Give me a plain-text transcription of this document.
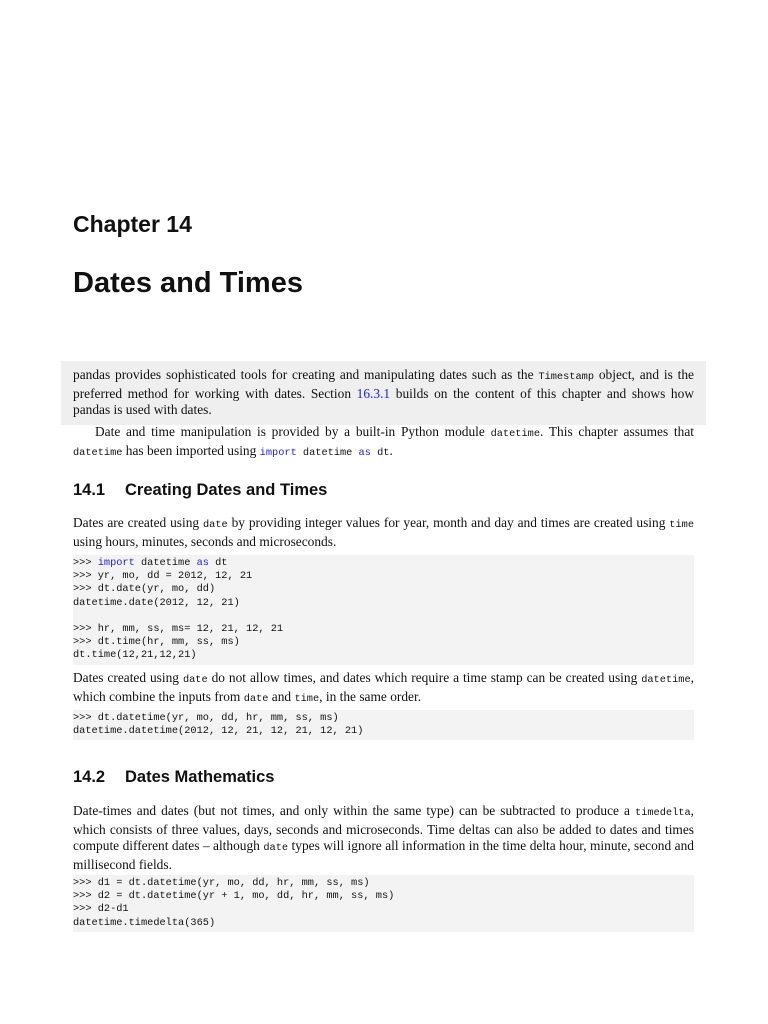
Chapter 14
Dates and Times
pandas provides sophisticated tools for creating and manipulating dates such as the Timestamp object, and is the preferred method for working with dates. Section 16.3.1 builds on the content of this chapter and shows how pandas is used with dates.

Date and time manipulation is provided by a built-in Python module datetime. This chapter assumes that datetime has been imported using import datetime as dt.

14.1 Creating Dates and Times

Dates are created using date by providing integer values for year, month and day and times are created using time using hours, minutes, seconds and microseconds.

>>> import datetime as dt
>>> yr, mo, dd = 2012, 12, 21
>>> dt.date(yr, mo, dd)
datetime.date(2012, 12, 21)
>>> hr, mm, ss, ms= 12, 21, 12, 21
>>> dt.time(hr, mm, ss, ms)
dt.time(12,21,12,21)

Dates created using date do not allow times, and dates which require a time stamp can be created using datetime, which combine the inputs from date and time, in the same order.

>>> dt.datetime(yr, mo, dd, hr, mm, ss, ms)
datetime.datetime(2012, 12, 21, 12, 21, 12, 21)
14.2 Dates Mathematics

Date-times and dates (but not times, and only within the same type) can be subtracted to produce a timedelta, which consists of three values, days, seconds and microseconds. Time deltas can also be added to dates and times compute different dates – although date types will ignore all information in the time delta hour, minute, second and millisecond fields.

>>> d1 = dt.datetime(yr, mo, dd, hr, mm, ss, ms)
>>> d2 = dt.datetime(yr + 1, mo, dd, hr, mm, ss, ms)
>>> d2-d1
datetime.timedelta(365)
